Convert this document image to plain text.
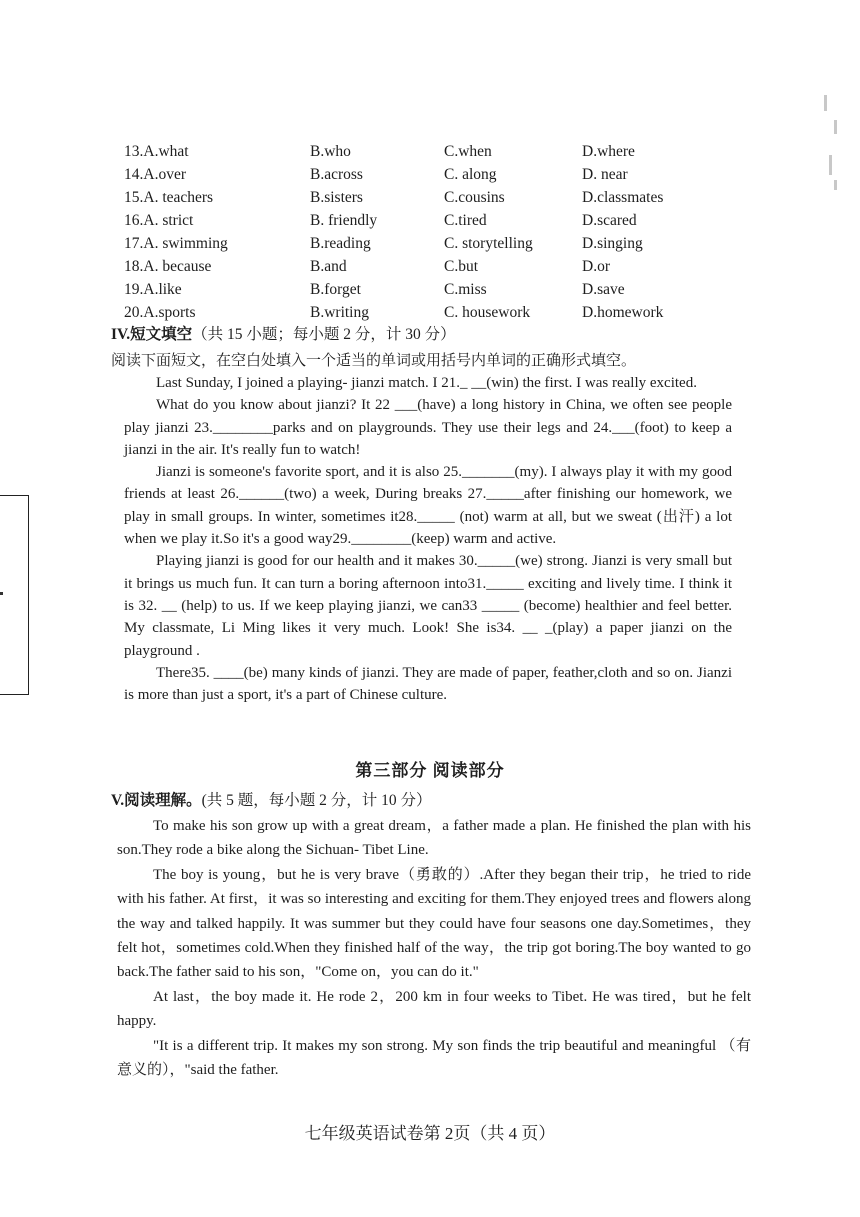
13.A.what	B.who	C.when	D.where
14.A.over	B.across	C. along	D. near
15.A. teachers	B.sisters	C.cousins	D.classmates
16.A. strict	B. friendly	C.tired	D.scared
17.A. swimming	B.reading	C. storytelling	D.singing
18.A. because	B.and	C.but	D.or
19.A.like	B.forget	C.miss	D.save
20.A.sports	B.writing	C. housework	D.homework
IV.短文填空（共 15 小题；每小题 2 分，计 30 分）
阅读下面短文，在空白处填入一个适当的单词或用括号内单词的正确形式填空。

Last Sunday, I joined a playing- jianzi match. I 21._ __(win) the first. I was really excited.

What do you know about jianzi? It 22 ___(have) a long history in China, we often see people play jianzi 23.________parks and on playgrounds. They use their legs and 24.___(foot) to keep a jianzi in the air. It's really fun to watch!

Jianzi is someone's favorite sport, and it is also 25._______(my). I always play it with my good friends at least 26.______(two) a week, During breaks 27._____after finishing our homework, we play in small groups. In winter, sometimes it28._____ (not) warm at all, but we sweat (出汗) a lot when we play it.So it's a good way29.________(keep) warm and active.

Playing jianzi is good for our health and it makes 30._____(we) strong. Jianzi is very small but it brings us much fun. It can turn a boring afternoon into31._____ exciting and lively time. I think it is 32. __ (help) to us. If we keep playing jianzi, we can33 _____ (become) healthier and feel better. My classmate, Li Ming likes it very much. Look! She is34. __ _(play) a paper jianzi on the playground .

There35. ____(be) many kinds of jianzi. They are made of paper, feather,cloth and so on. Jianzi is more than just a sport, it's a part of Chinese culture.

第三部分 阅读部分
V.阅读理解。(共 5 题，每小题 2 分，计 10 分）

To make his son grow up with a great dream，a father made a plan. He finished the plan with his son.They rode a bike along the Sichuan- Tibet Line.

The boy is young，but he is very brave（勇敢的）.After they began their trip，he tried to ride with his father. At first，it was so interesting and exciting for them.They enjoyed trees and flowers along the way and talked happily. It was summer but they could have four seasons one day.Sometimes，they felt hot，sometimes cold.When they finished half of the way，the trip got boring.The boy wanted to go back.The father said to his son，"Come on，you can do it."

At last，the boy made it. He rode 2，200 km in four weeks to Tibet. He was tired，but he felt happy.

"It is a different trip. It makes my son strong. My son finds the trip beautiful and meaningful （有意义的），"said the father.

七年级英语试卷第 2页（共 4 页）
